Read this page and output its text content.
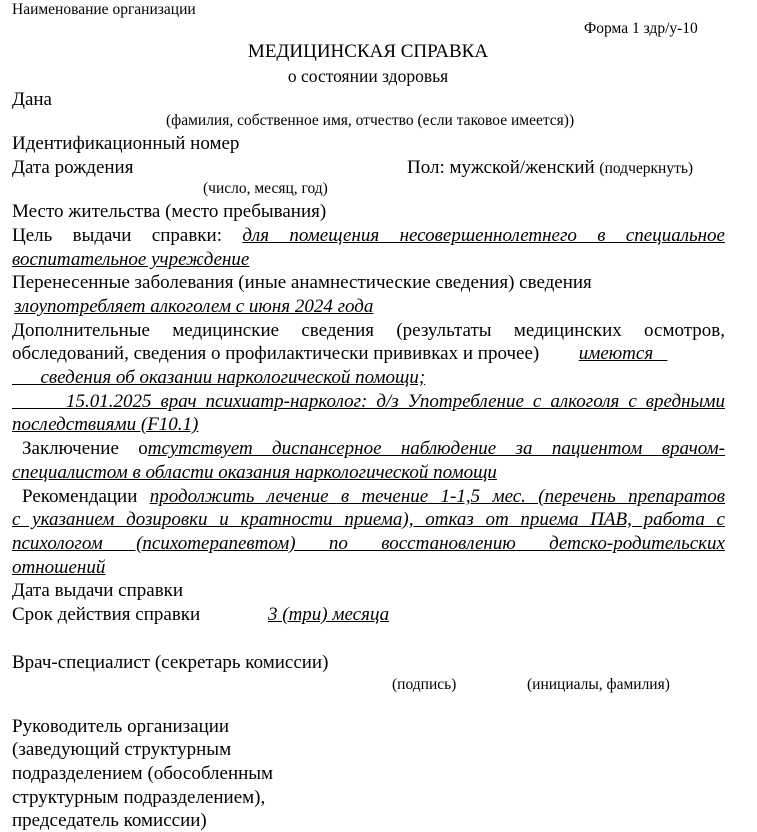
Наименование организации
Форма 1 здр/у-10
МЕДИЦИНСКАЯ СПРАВКА
о состоянии здоровья
Дана
(фамилия, собственное имя, отчество (если таковое имеется))
Идентификационный номер
Дата рождения	Пол: мужской/женский (подчеркнуть)
(число, месяц, год)
Место жительства (место пребывания)
Цель выдачи справки: для помещения несовершеннолетнего в специальное
воспитательное учреждение
Перенесенные заболевания (иные анамнестические сведения) сведения
злоупотребляет алкоголем с июня 2024 года
Дополнительные медицинские сведения (результаты медицинских осмотров,
обследований, сведения о профилактически прививках и прочее) имеются
сведения об оказании наркологической помощи;
15.01.2025 врач психиатр-нарколог: д/з Употребление с алкоголя с вредными
последствиями (F10.1)
Заключение отсутствует диспансерное наблюдение за пациентом врачом-
специалистом в области оказания наркологической помощи
Рекомендации продолжить лечение в течение 1-1,5 мес. (перечень препаратов
с указанием дозировки и кратности приема), отказ от приема ПАВ, работа с
психологом (психотерапевтом) по восстановлению детско-родительских
отношений
Дата выдачи справки
Срок действия справки	3 (три) месяца
Врач-специалист (секретарь комиссии)
(подпись)	(инициалы, фамилия)
Руководитель организации
(заведующий структурным
подразделением (обособленным
структурным подразделением),
председатель комиссии)
